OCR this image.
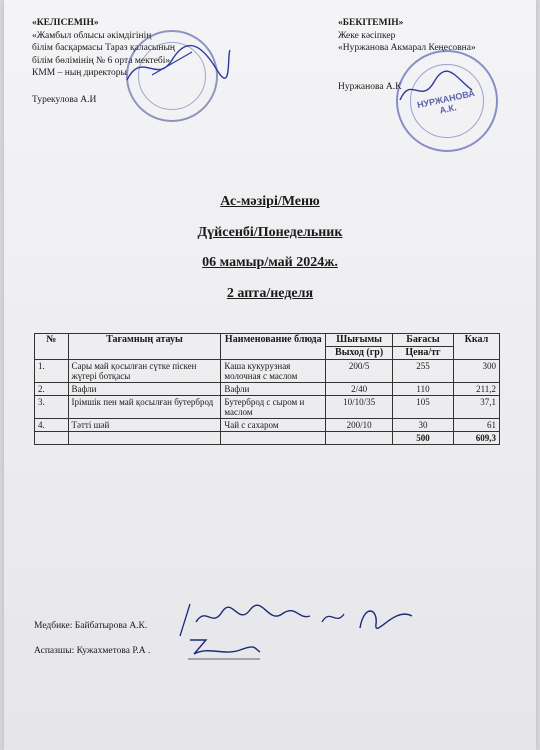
«КЕЛІСЕМІН»
«Жамбыл облысы әкімдігінің
білім басқармасы Тараз қаласының
білім бөлімінің № 6 орта мектебі»
КММ – ның директоры
Турекулова А.И
«БЕКІТЕМІН»
Жеке кәсіпкер
«Нуржанова Акмарал Кеңесовна»
Нуржанова А.К
НУРЖАНОВА А.К.
Ас-мәзірі/Меню
Дүйсенбі/Понедельник
06 мамыр/май 2024ж.
2 апта/неделя
№	Тағамның атауы	Наименование блюда	Шығымы	Бағасы	Ккал
			Выход (гр)	Цена/тг	
1.	Сары май қосылған сүтке піскен жүгері ботқасы	Каша кукурузная молочная с маслом	200/5	255	300
2.	Вафли	Вафли	2/40	110	211,2
3.	Ірімшік пен май қосылған бутерброд	Бутерброд с сыром и маслом	10/10/35	105	37,1
4.	Тәтті шәй	Чай с сахаром	200/10	30	61
				500	609,3
Медбике: Байбатырова А.К.
Аспазшы: Кужахметова Р.А .
